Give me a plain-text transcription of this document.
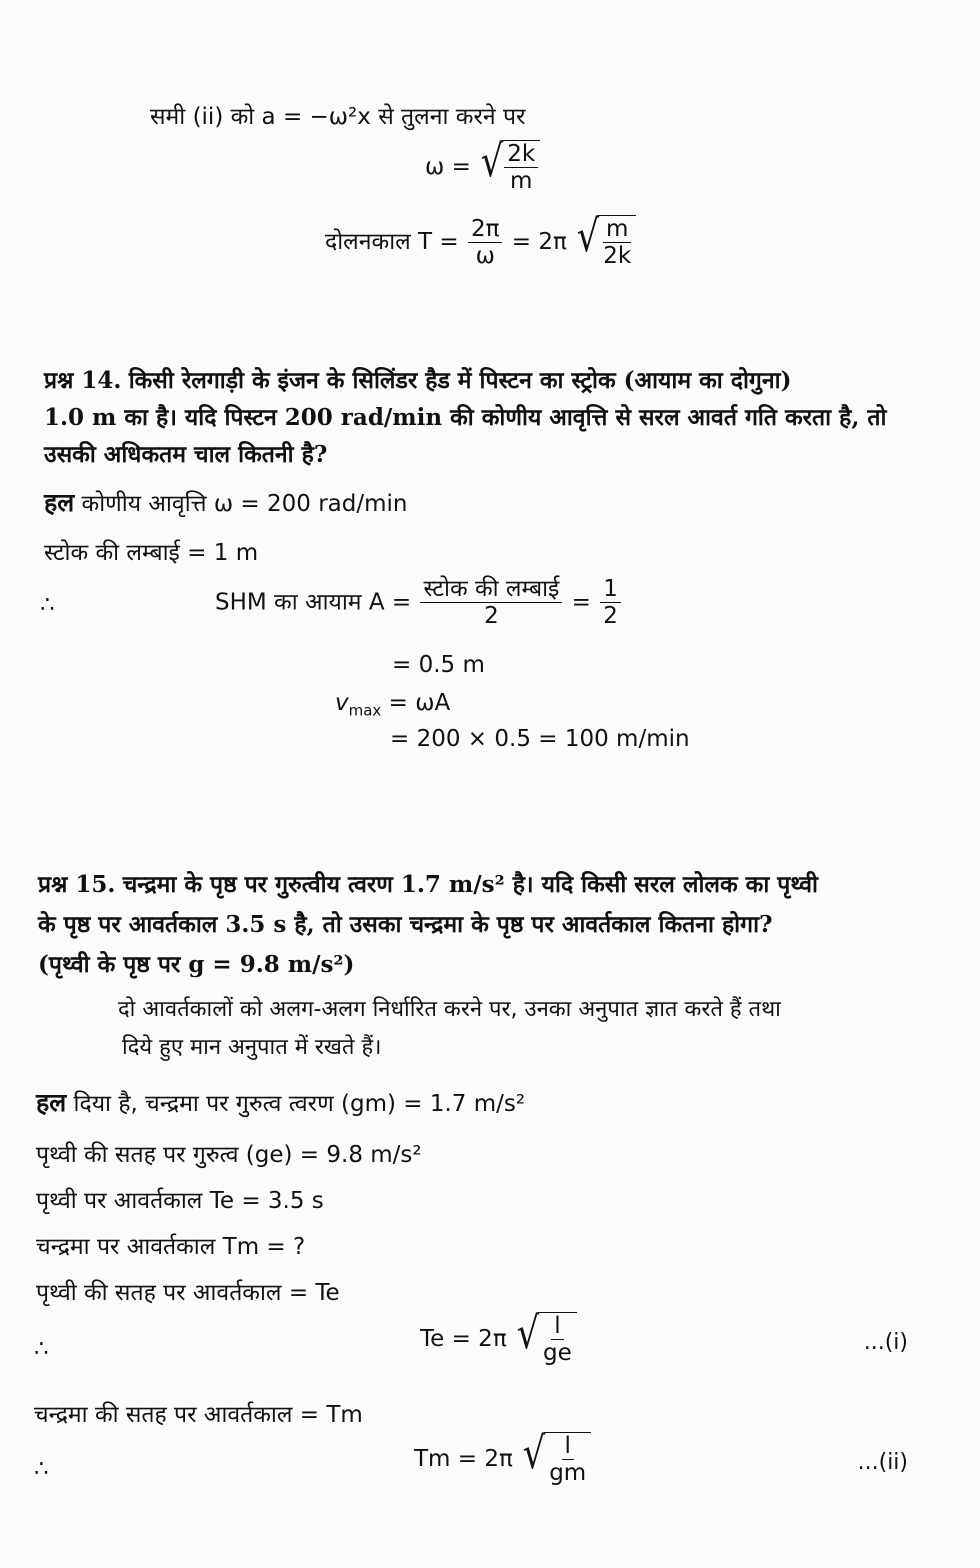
समी (ii) को a = −ω²x से तुलना करने पर
ω = √ $\frac{2k}{m}$
दोलनकाल $T = \frac{2\pi}{\omega} = 2\pi$ √ $\frac{m}{2k}$
प्रश्न 14. किसी रेलगाड़ी के इंजन के सिलिंडर हैड में पिस्टन का स्ट्रोक (आयाम का दोगुना)
1.0 m का है। यदि पिस्टन 200 rad/min की कोणीय आवृत्ति से सरल आवर्त गति करता है, तो
उसकी अधिकतम चाल कितनी है?
हल कोणीय आवृत्ति ω = 200 rad/min
स्टोक की लम्बाई = 1 m
∴	SHM का आयाम $A = \frac{\text{स्टोक की लम्बाई}}{2} = \frac{1}{2}$
= 0.5 m
$v_{max} = \omega A$
= 200 × 0.5 = 100 m/min
प्रश्न 15. चन्द्रमा के पृष्ठ पर गुरुत्वीय त्वरण 1.7 m/s² है। यदि किसी सरल लोलक का पृथ्वी
के पृष्ठ पर आवर्तकाल 3.5 s है, तो उसका चन्द्रमा के पृष्ठ पर आवर्तकाल कितना होगा?
(पृथ्वी के पृष्ठ पर g = 9.8 m/s²)
दो आवर्तकालों को अलग-अलग निर्धारित करने पर, उनका अनुपात ज्ञात करते हैं तथा
दिये हुए मान अनुपात में रखते हैं।
हल दिया है, चन्द्रमा पर गुरुत्व त्वरण (gm) = 1.7 m/s²
पृथ्वी की सतह पर गुरुत्व (ge) = 9.8 m/s²
पृथ्वी पर आवर्तकाल Te = 3.5 s
चन्द्रमा पर आवर्तकाल Tm = ?
पृथ्वी की सतह पर आवर्तकाल = Te
∴	Te = 2π √ $\frac{l}{ge}$	...(i)
चन्द्रमा की सतह पर आवर्तकाल = Tm
∴	Tm = 2π √ $\frac{l}{gm}$	...(ii)
